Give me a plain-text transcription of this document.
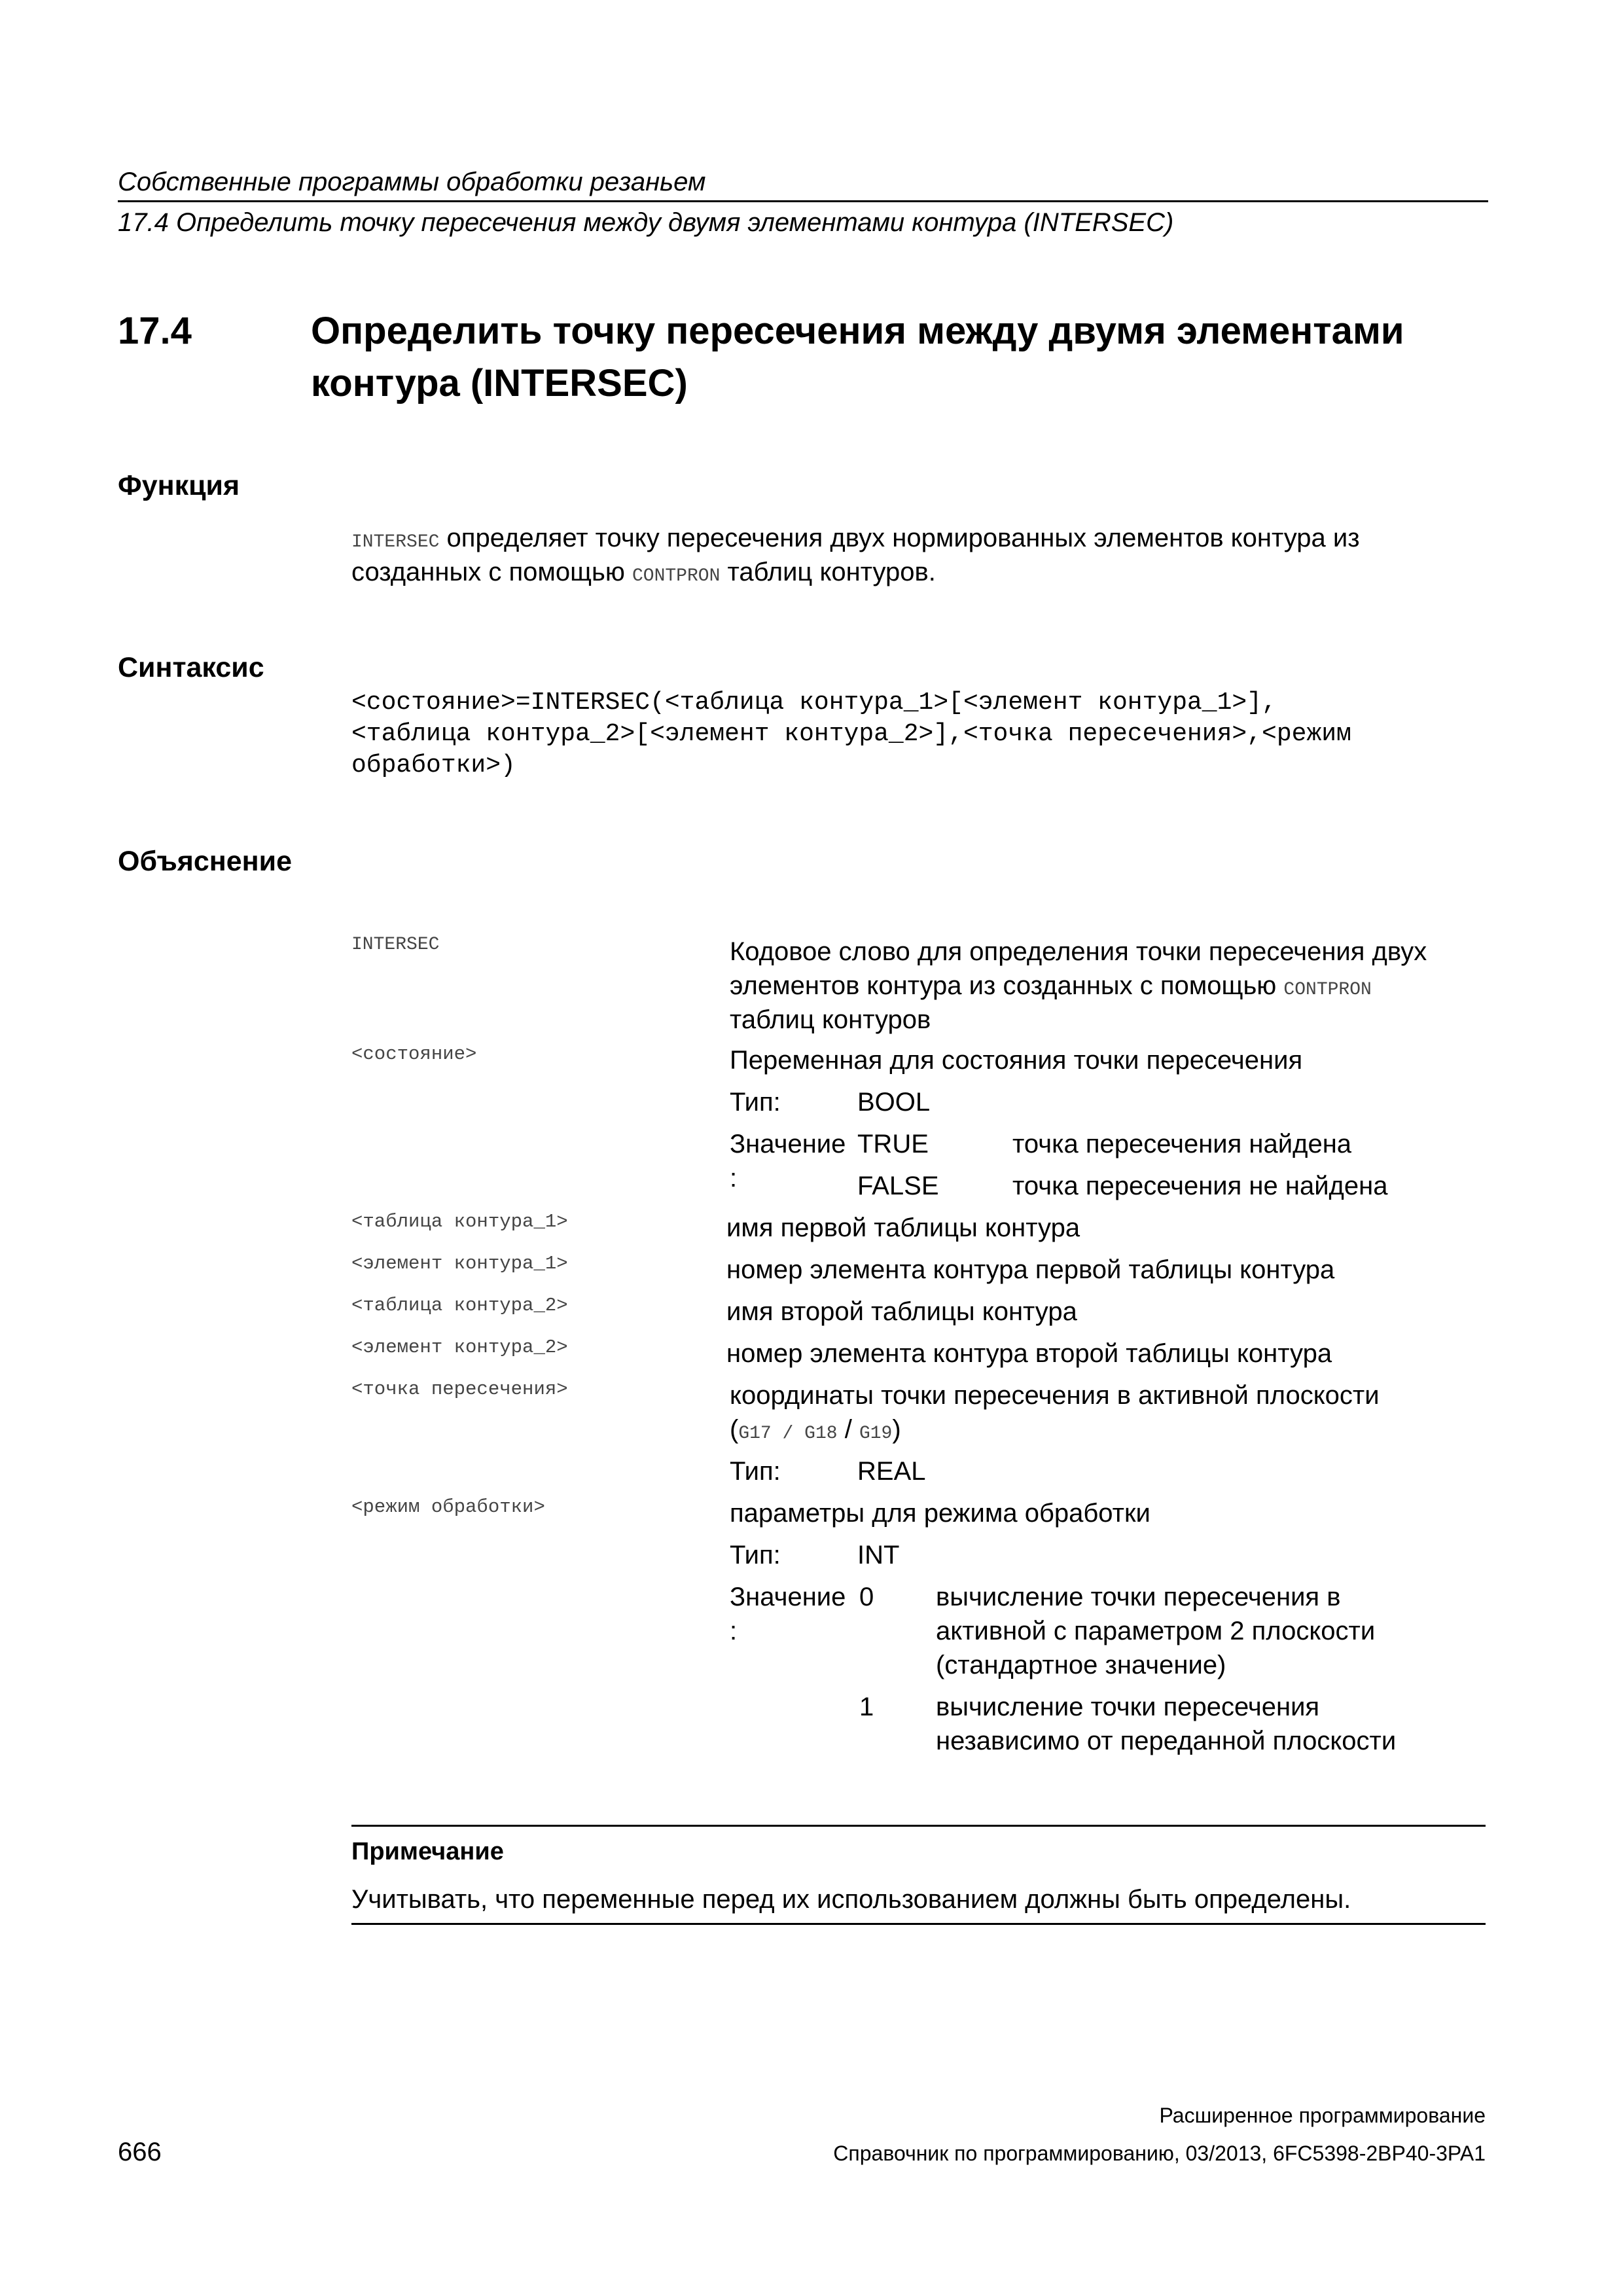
Собственные программы обработки резаньем
17.4 Определить точку пересечения между двумя элементами контура (INTERSEC)
17.4	Определить точку пересечения между двумя элементами
контура (INTERSEC)
Функция
INTERSEC определяет точку пересечения двух нормированных элементов контура из
созданных с помощью CONTPRON таблиц контуров.
Синтаксис
<состояние>=INTERSEC(<таблица контура_1>[<элемент контура_1>],
<таблица контура_2>[<элемент контура_2>],<точка пересечения>,<режим
обработки>)
Объяснение
INTERSEC	Кодовое слово для определения точки пересечения двух
элементов контура из созданных с помощью CONTPRON
таблиц контуров
<состояние>	Переменная для состояния точки пересечения
Тип:	BOOL
Значение
:
TRUE	точка пересечения найдена
FALSE	точка пересечения не найдена
<таблица контура_1>	имя первой таблицы контура
<элемент контура_1>	номер элемента контура первой таблицы контура
<таблица контура_2>	имя второй таблицы контура
<элемент контура_2>	номер элемента контура второй таблицы контура
<точка пересечения>	координаты точки пересечения в активной плоскости
(G17 / G18 / G19)
Тип:	REAL
<режим обработки>	параметры для режима обработки
Тип:	INT
Значение
:
0 вычисление точки пересечения в
активной с параметром 2 плоскости
(стандартное значение)
1 вычисление точки пересечения
независимо от переданной плоскости
Примечание
Учитывать, что переменные перед их использованием должны быть определены.
Расширенное программирование
666	Справочник по программированию, 03/2013, 6FC5398-2BP40-3PA1
